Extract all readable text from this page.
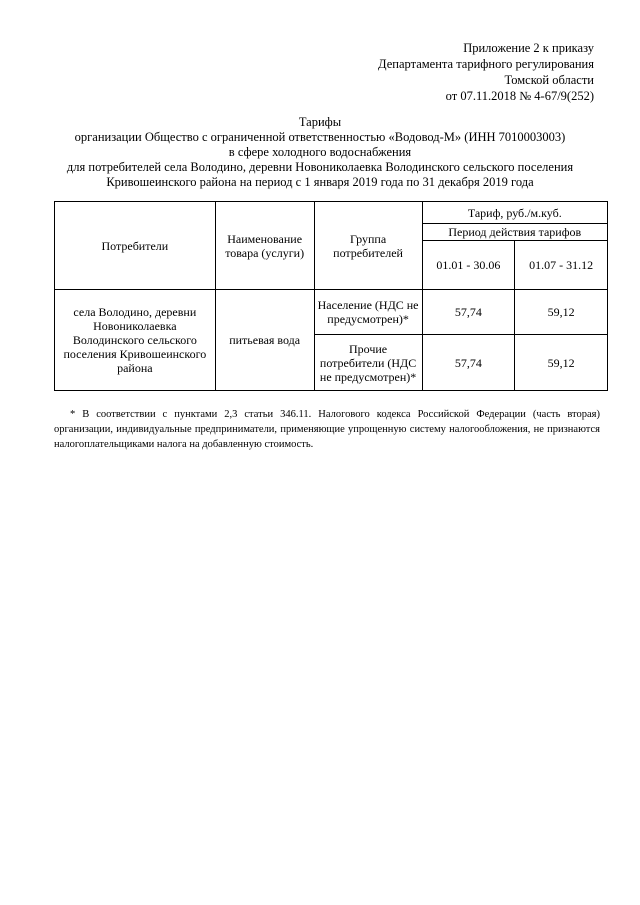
Приложение 2 к приказу
Департамента тарифного регулирования
Томской области
от 07.11.2018 № 4-67/9(252)
Тарифы
организации Общество с ограниченной ответственностью «Водовод-М» (ИНН 7010003003)
в сфере холодного водоснабжения
для потребителей села Володино, деревни Новониколаевка Володинского сельского поселения
Кривошеинского района на период с 1 января 2019 года по 31 декабря 2019 года
Потребители	Наименование товара (услуги)	Группа потребителей	Тариф, руб./м.куб.	
			Период действия тарифов	
			01.01 - 30.06	01.07 - 31.12
села Володино, деревни Новониколаевка Володинского сельского поселения Кривошеинского района	питьевая вода	Население (НДС не предусмотрен)*	57,74	59,12
		Прочие потребители (НДС не предусмотрен)*	57,74	59,12
* В соответствии с пунктами 2,3 статьи 346.11. Налогового кодекса Российской Федерации (часть вторая) организации, индивидуальные предприниматели, применяющие упрощенную систему налогообложения, не признаются налогоплательщиками налога на добавленную стоимость.
